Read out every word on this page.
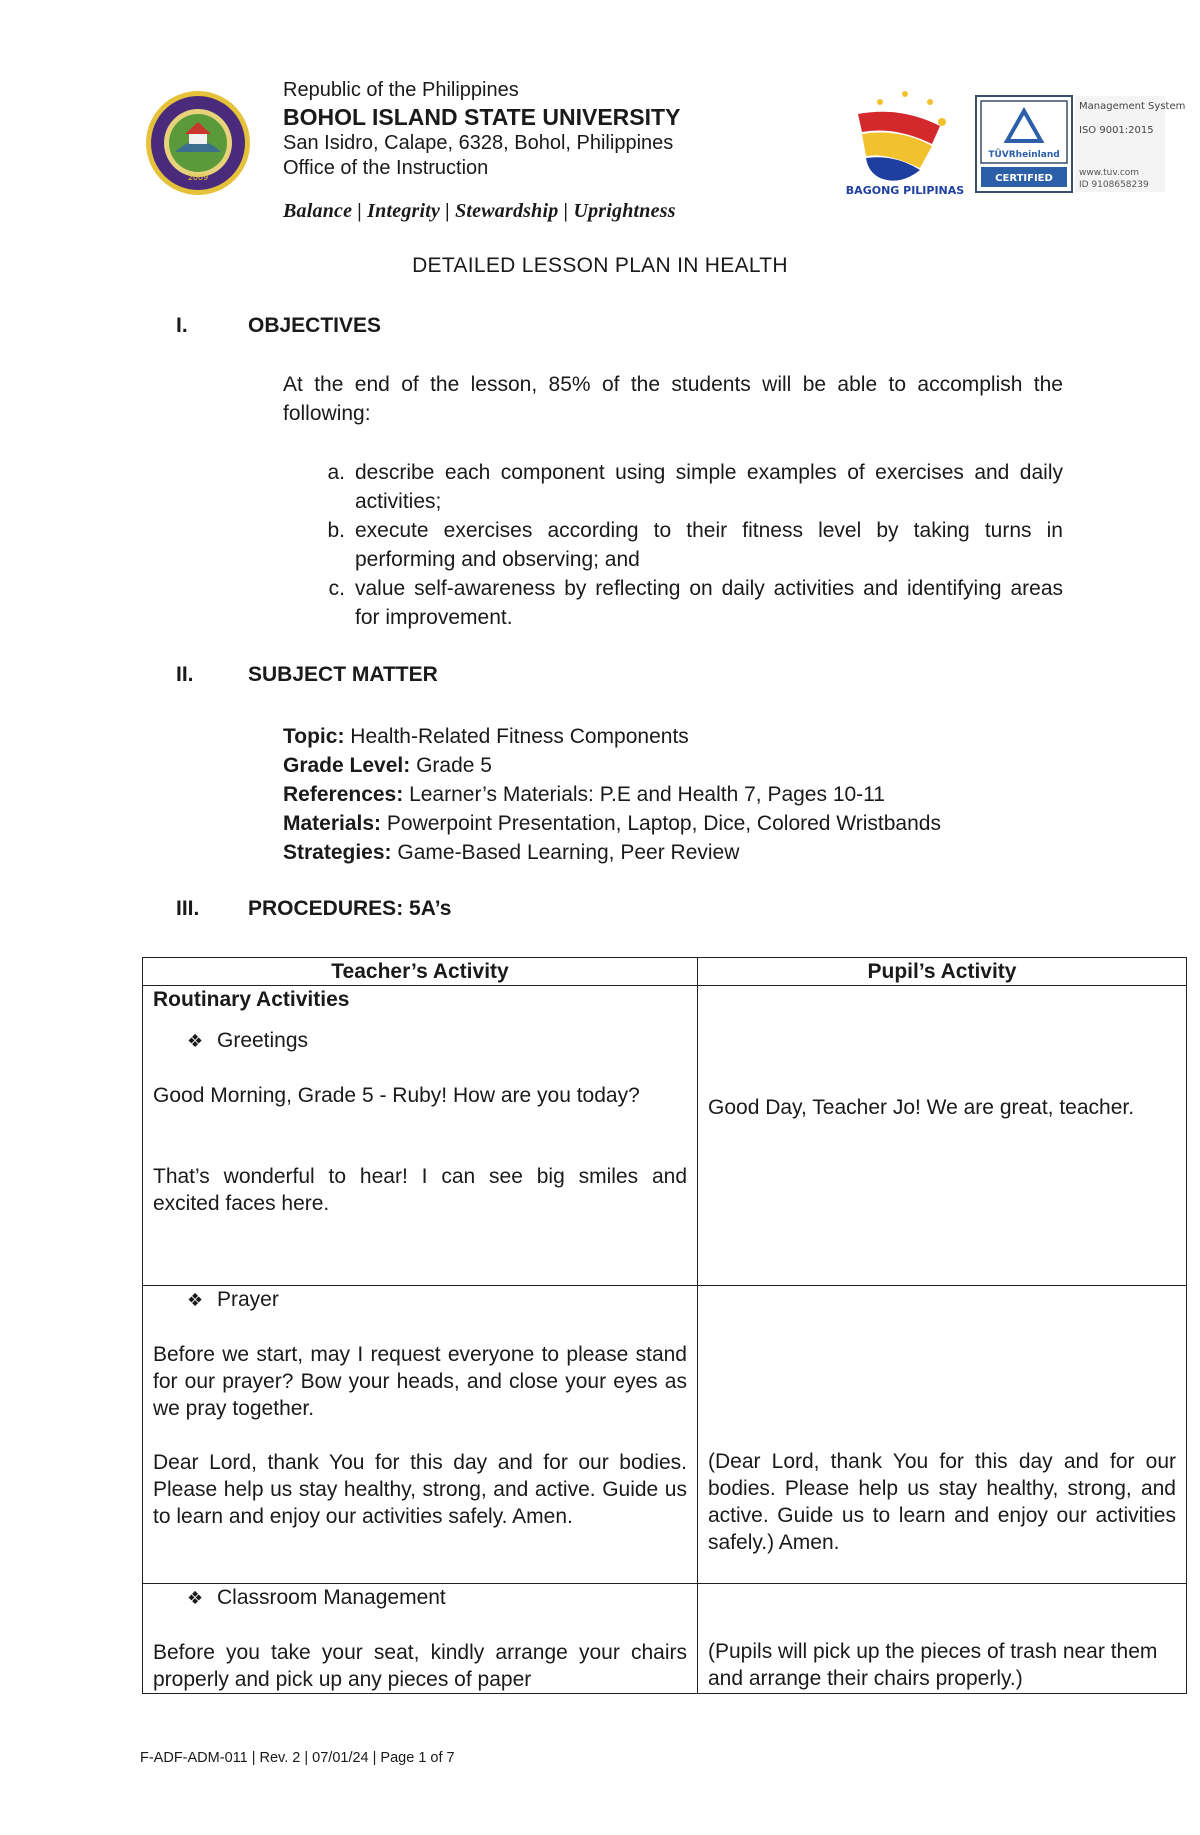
2009
Republic of the Philippines
BOHOL ISLAND STATE UNIVERSITY
San Isidro, Calape, 6328, Bohol, Philippines
Office of the Instruction
Balance | Integrity | Stewardship | Uprightness
BAGONG PILIPINAS
TÜVRheinland
CERTIFIED
Management System
ISO 9001:2015
www.tuv.com
ID 9108658239
DETAILED LESSON PLAN IN HEALTH
I.	OBJECTIVES
At the end of the lesson, 85% of the students will be able to accomplish the following:
a. describe each component using simple examples of exercises and daily activities;
b. execute exercises according to their fitness level by taking turns in performing and observing; and
c. value self-awareness by reflecting on daily activities and identifying areas for improvement.
II.	SUBJECT MATTER
Topic: Health-Related Fitness Components
Grade Level: Grade 5
References: Learner’s Materials: P.E and Health 7, Pages 10-11
Materials: Powerpoint Presentation, Laptop, Dice, Colored Wristbands
Strategies: Game-Based Learning, Peer Review
III. PROCEDURES: 5A’s
Teacher’s Activity	Pupil’s Activity

Routinary Activities
❖ Greetings
Good Morning, Grade 5 - Ruby! How are you today?
That’s wonderful to hear! I can see big smiles and excited faces here.	Good Day, Teacher Jo! We are great, teacher.

❖ Prayer
Before we start, may I request everyone to please stand for our prayer? Bow your heads, and close your eyes as we pray together.
Dear Lord, thank You for this day and for our bodies. Please help us stay healthy, strong, and active. Guide us to learn and enjoy our activities safely. Amen.	(Dear Lord, thank You for this day and for our bodies. Please help us stay healthy, strong, and active. Guide us to learn and enjoy our activities safely.) Amen.

❖ Classroom Management
Before you take your seat, kindly arrange your chairs properly and pick up any pieces of paper	(Pupils will pick up the pieces of trash near them and arrange their chairs properly.)
F-ADF-ADM-011 | Rev. 2 | 07/01/24 | Page 1 of 7
